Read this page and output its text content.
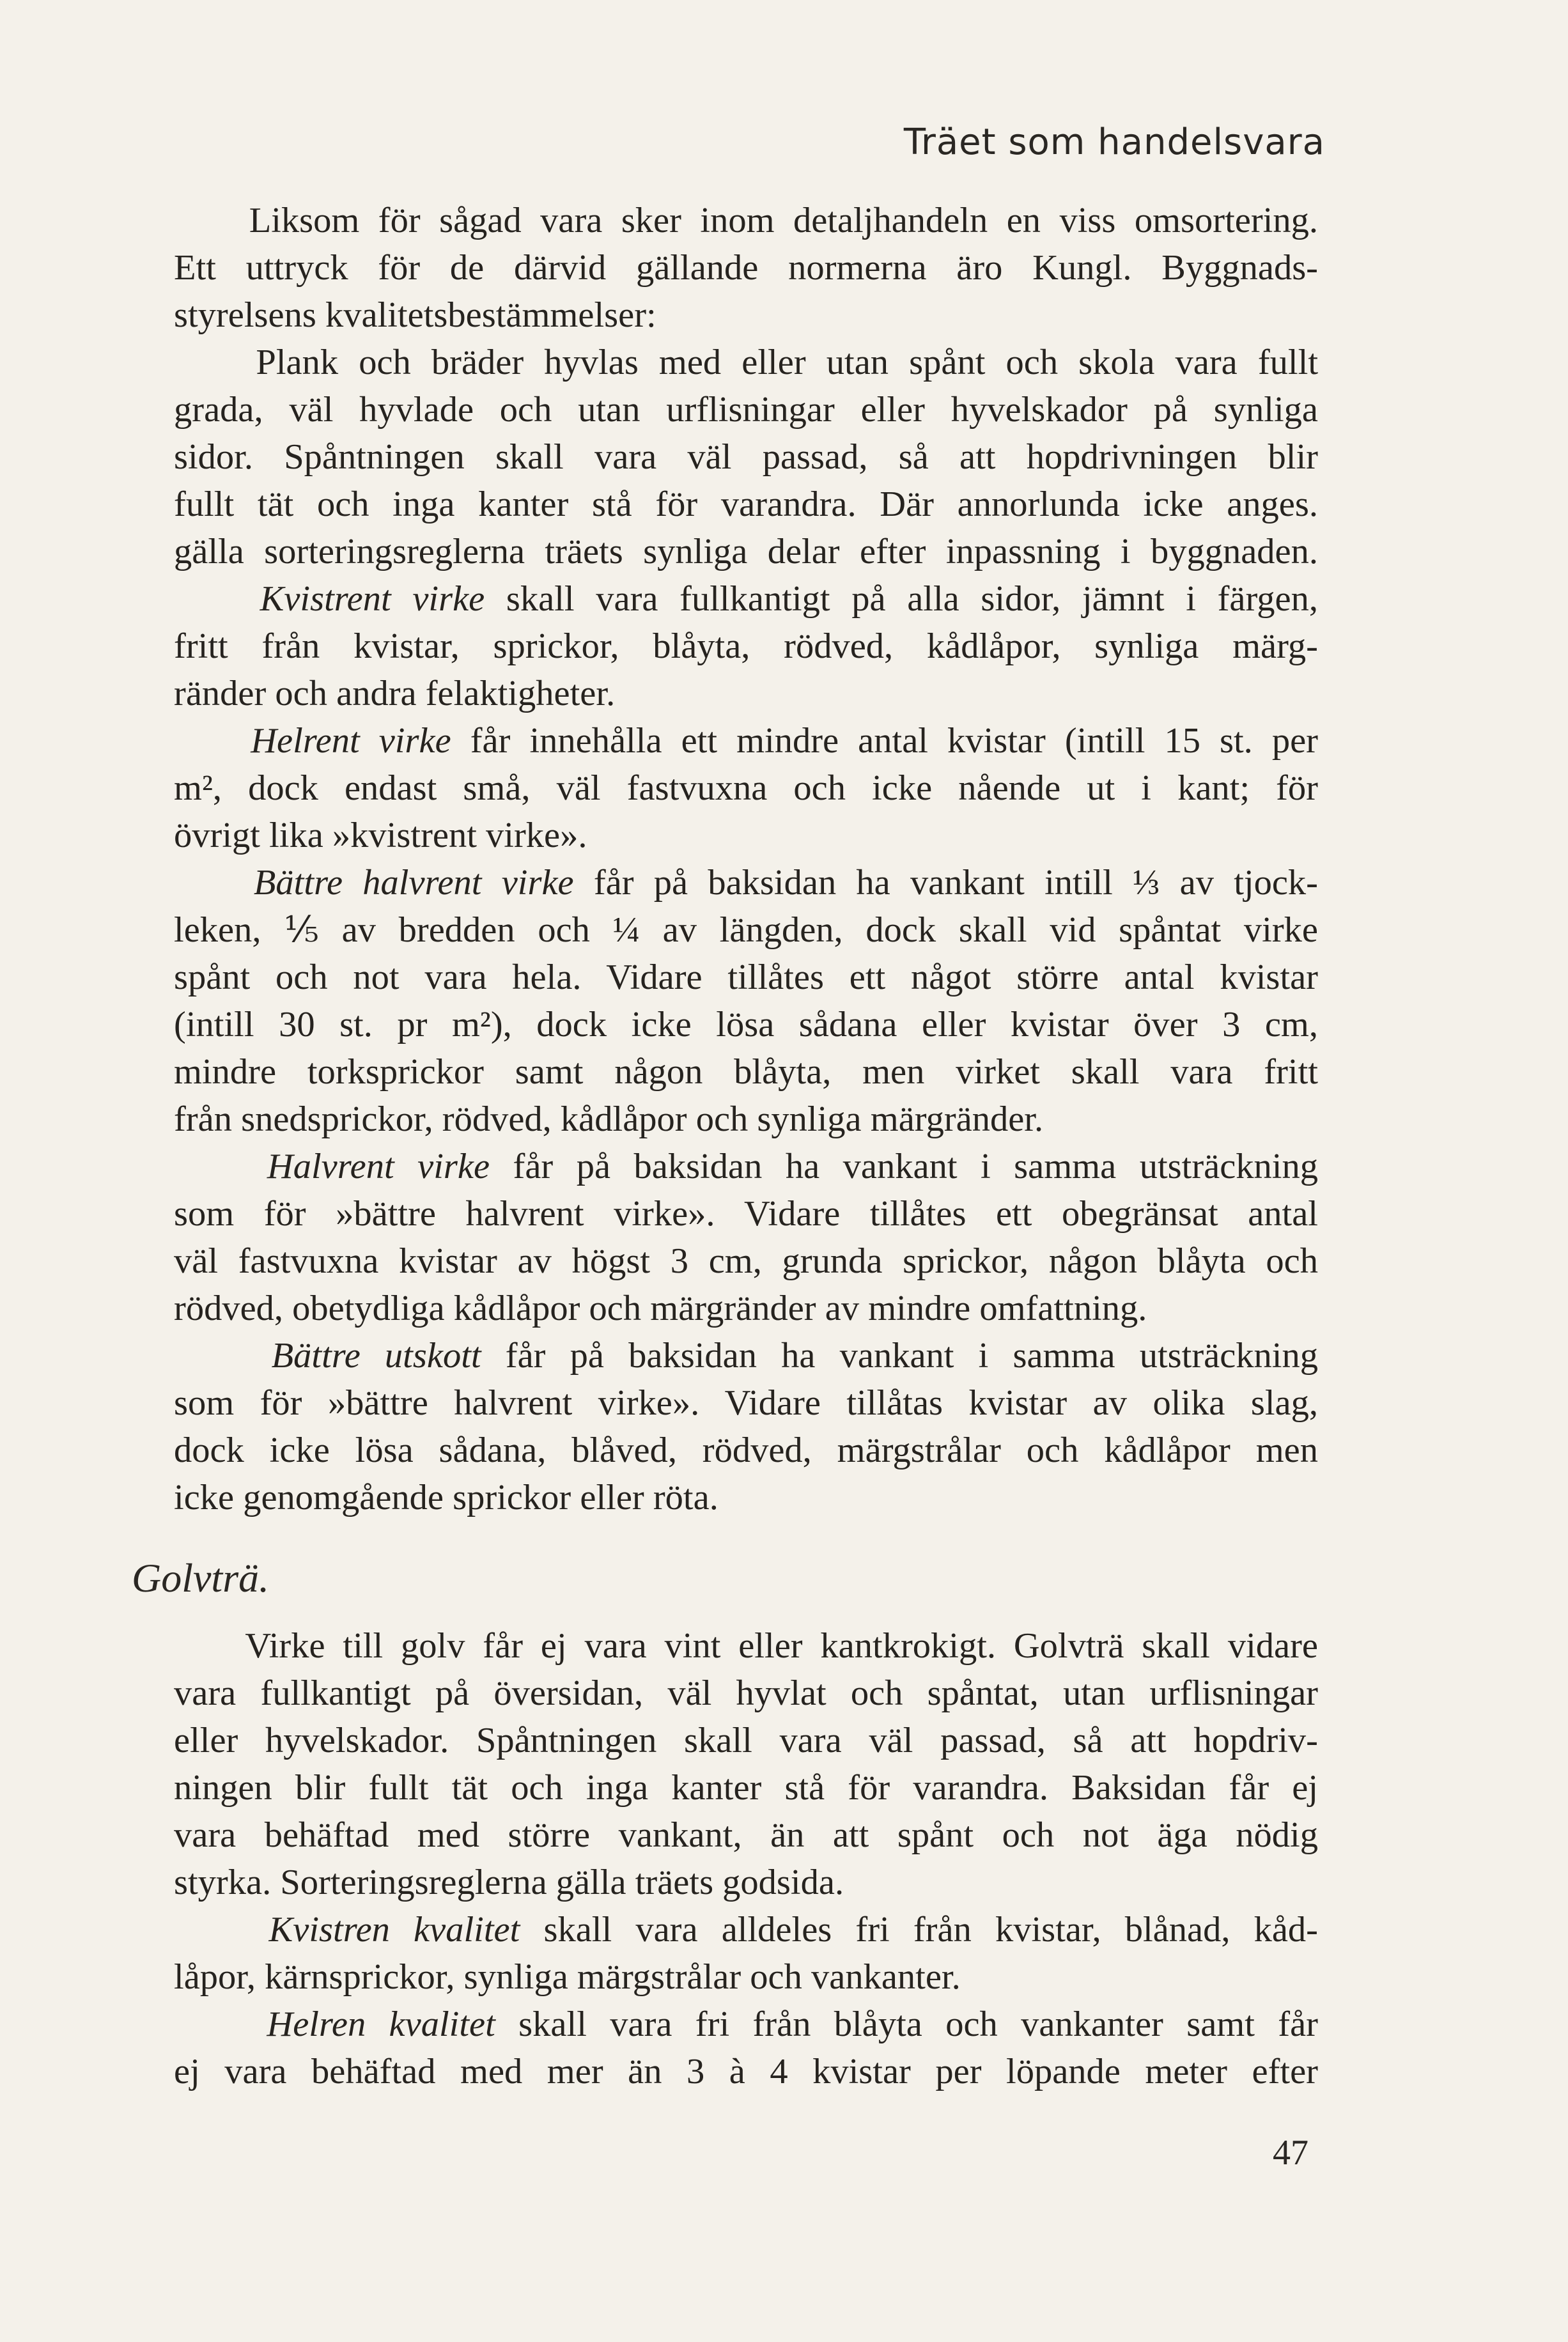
Träet som handelsvara
Liksom för sågad vara sker inom detaljhandeln en viss omsortering.
Ett uttryck för de därvid gällande normerna äro Kungl. Byggnads-
styrelsens kvalitetsbestämmelser:
Plank och bräder hyvlas med eller utan spånt och skola vara fullt
grada, väl hyvlade och utan urflisningar eller hyvelskador på synliga
sidor. Spåntningen skall vara väl passad, så att hopdrivningen blir
fullt tät och inga kanter stå för varandra. Där annorlunda icke anges.
gälla sorteringsreglerna träets synliga delar efter inpassning i byggnaden.
Kvistrent virke skall vara fullkantigt på alla sidor, jämnt i färgen,
fritt från kvistar, sprickor, blåyta, rödved, kådlåpor, synliga märg-
ränder och andra felaktigheter.
Helrent virke får innehålla ett mindre antal kvistar (intill 15 st. per
m², dock endast små, väl fastvuxna och icke nående ut i kant; för
övrigt lika »kvistrent virke».
Bättre halvrent virke får på baksidan ha vankant intill ⅓ av tjock-
leken, ⅕ av bredden och ¼ av längden, dock skall vid spåntat virke
spånt och not vara hela. Vidare tillåtes ett något större antal kvistar
(intill 30 st. pr m²), dock icke lösa sådana eller kvistar över 3 cm,
mindre torksprickor samt någon blåyta, men virket skall vara fritt
från snedsprickor, rödved, kådlåpor och synliga märgränder.
Halvrent virke får på baksidan ha vankant i samma utsträckning
som för »bättre halvrent virke». Vidare tillåtes ett obegränsat antal
väl fastvuxna kvistar av högst 3 cm, grunda sprickor, någon blåyta och
rödved, obetydliga kådlåpor och märgränder av mindre omfattning.
Bättre utskott får på baksidan ha vankant i samma utsträckning
som för »bättre halvrent virke». Vidare tillåtas kvistar av olika slag,
dock icke lösa sådana, blåved, rödved, märgstrålar och kådlåpor men
icke genomgående sprickor eller röta.
Golvträ.
Virke till golv får ej vara vint eller kantkrokigt. Golvträ skall vidare
vara fullkantigt på översidan, väl hyvlat och spåntat, utan urflisningar
eller hyvelskador. Spåntningen skall vara väl passad, så att hopdriv-
ningen blir fullt tät och inga kanter stå för varandra. Baksidan får ej
vara behäftad med större vankant, än att spånt och not äga nödig
styrka. Sorteringsreglerna gälla träets godsida.
Kvistren kvalitet skall vara alldeles fri från kvistar, blånad, kåd-
låpor, kärnsprickor, synliga märgstrålar och vankanter.
Helren kvalitet skall vara fri från blåyta och vankanter samt får
ej vara behäftad med mer än 3 à 4 kvistar per löpande meter efter
47
